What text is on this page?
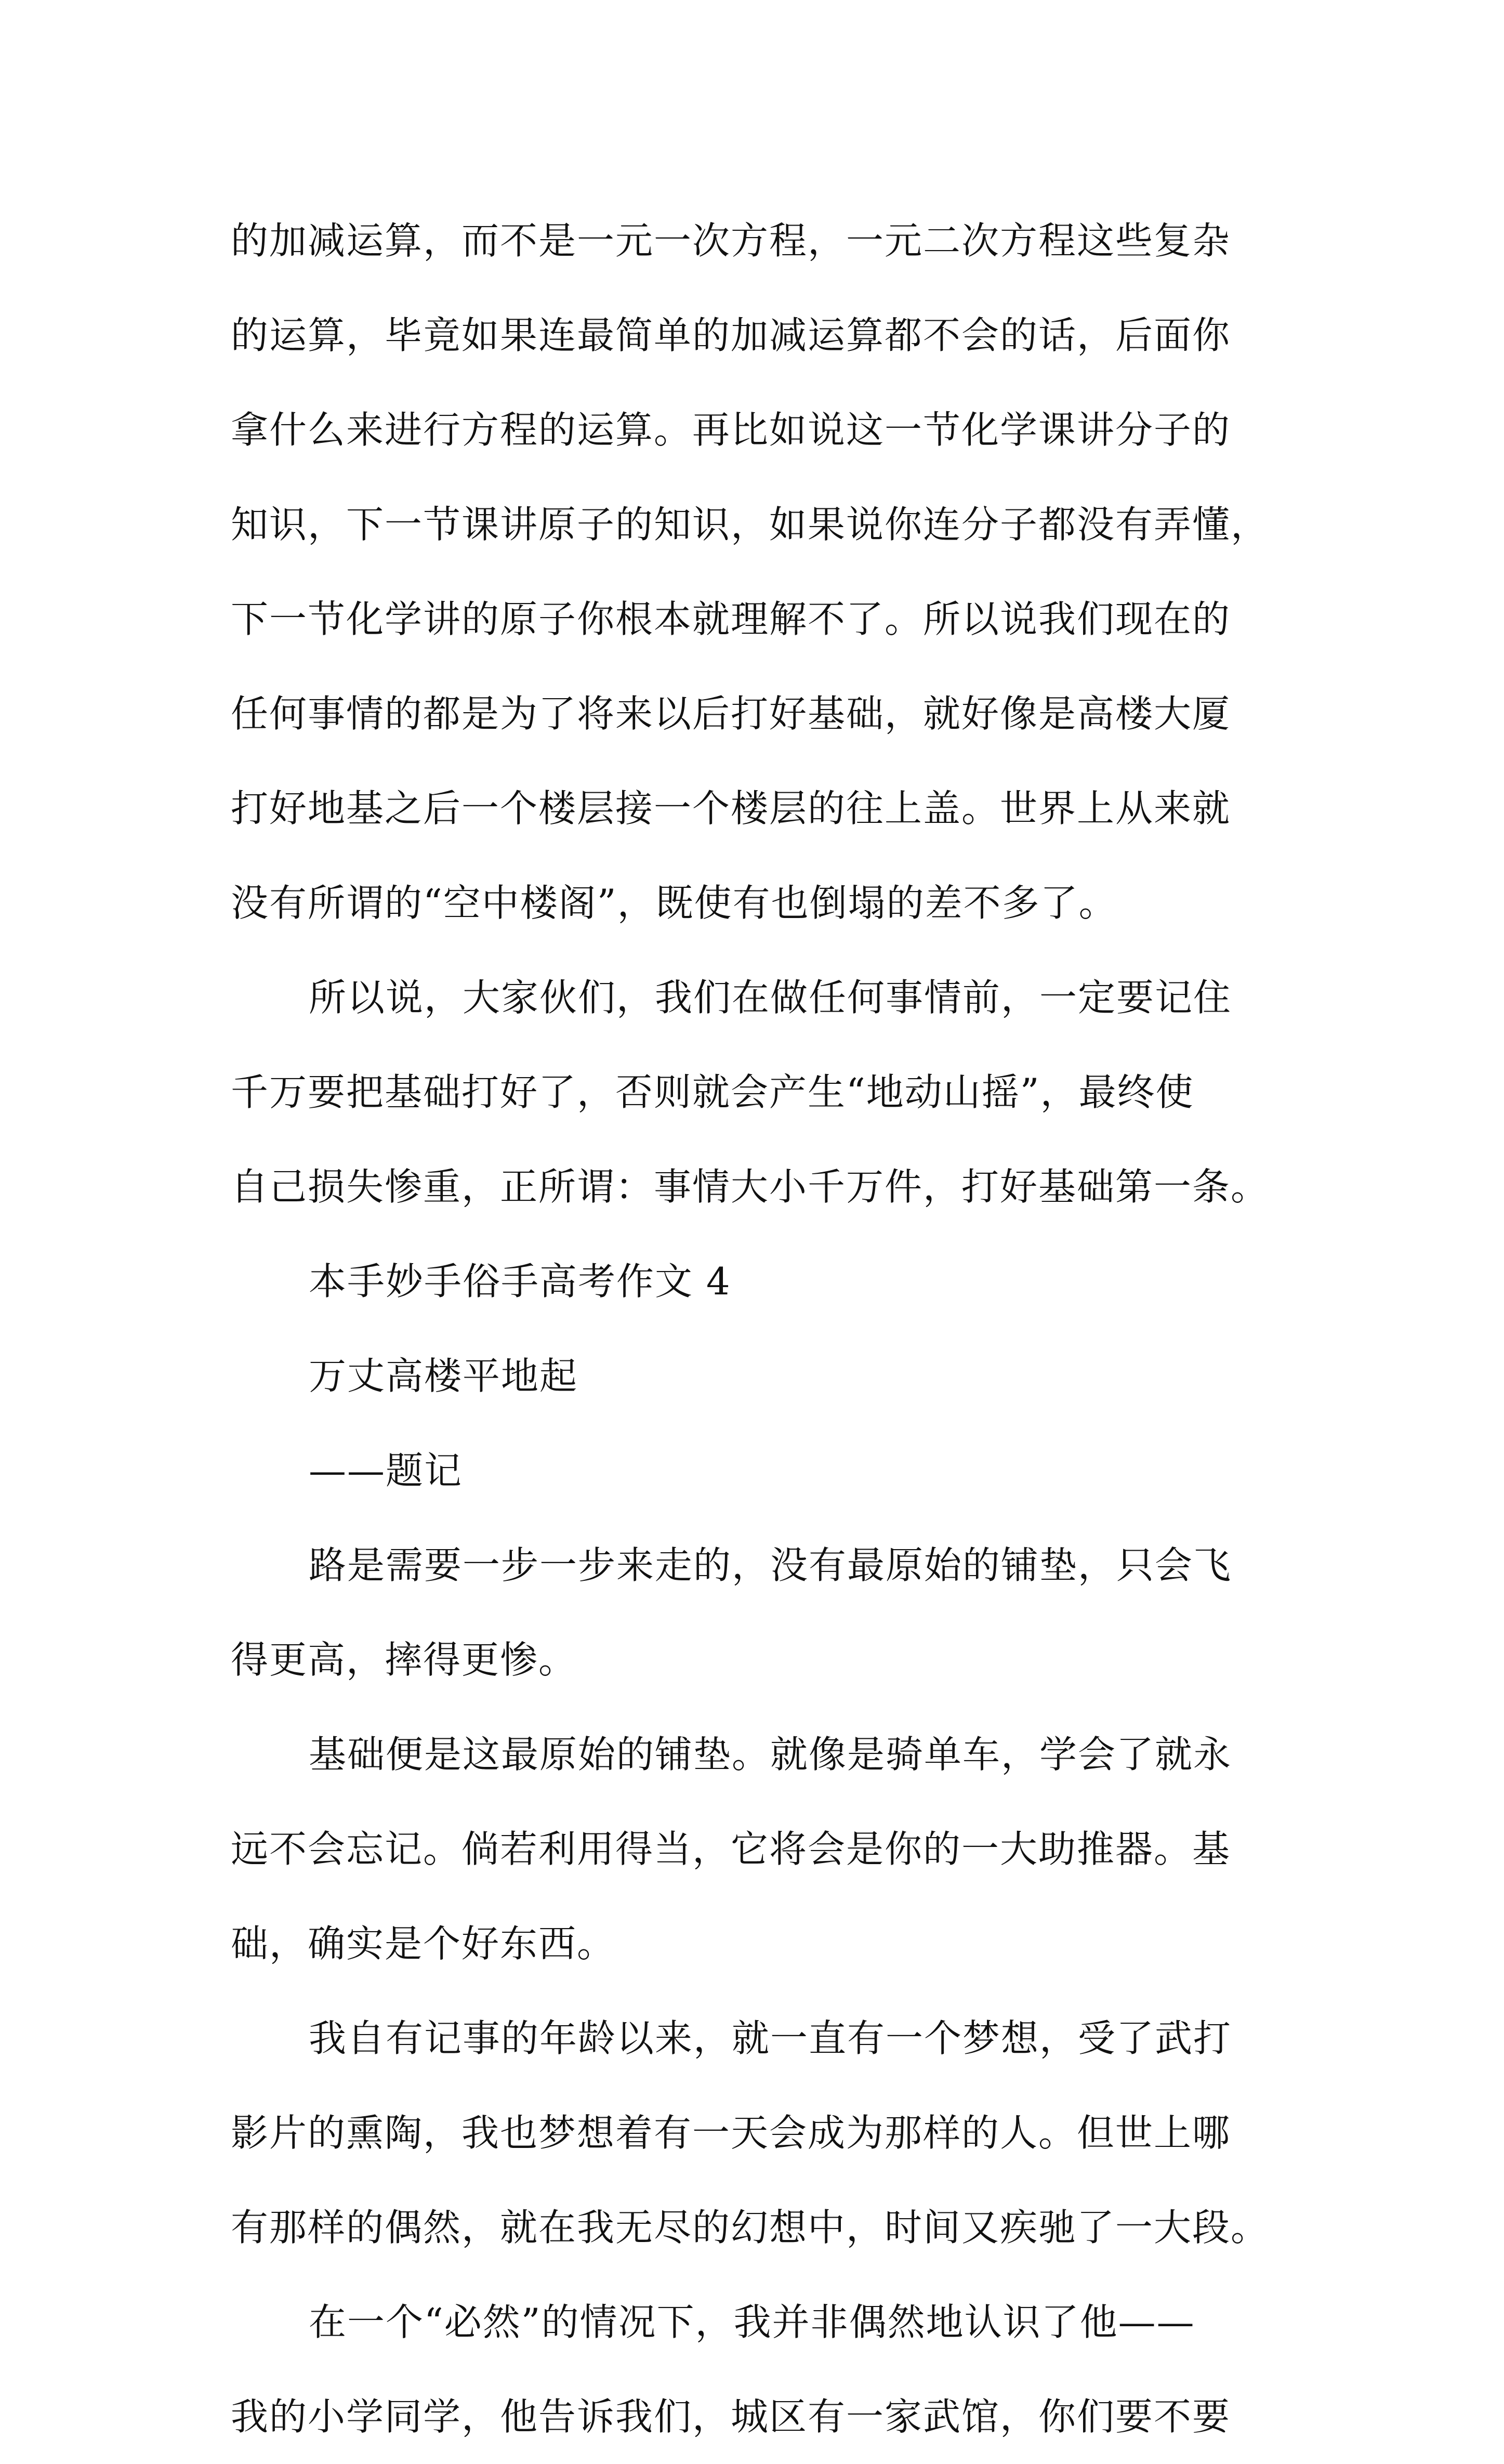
的加减运算，而不是一元一次方程，一元二次方程这些复杂
的运算，毕竟如果连最简单的加减运算都不会的话，后面你
拿什么来进行方程的运算。再比如说这一节化学课讲分子的
知识，下一节课讲原子的知识，如果说你连分子都没有弄懂，
下一节化学讲的原子你根本就理解不了。所以说我们现在的
任何事情的都是为了将来以后打好基础，就好像是高楼大厦
打好地基之后一个楼层接一个楼层的往上盖。世界上从来就
没有所谓的“空中楼阁”，既使有也倒塌的差不多了。

所以说，大家伙们，我们在做任何事情前，一定要记住
千万要把基础打好了，否则就会产生“地动山摇”，最终使
自己损失惨重，正所谓：事情大小千万件，打好基础第一条。

本手妙手俗手高考作文 4

万丈高楼平地起

——题记

路是需要一步一步来走的，没有最原始的铺垫，只会飞
得更高，摔得更惨。

基础便是这最原始的铺垫。就像是骑单车，学会了就永
远不会忘记。倘若利用得当，它将会是你的一大助推器。基
础，确实是个好东西。

我自有记事的年龄以来，就一直有一个梦想，受了武打
影片的熏陶，我也梦想着有一天会成为那样的人。但世上哪
有那样的偶然，就在我无尽的幻想中，时间又疾驰了一大段。

在一个“必然”的情况下，我并非偶然地认识了他——
我的小学同学，他告诉我们，城区有一家武馆，你们要不要
